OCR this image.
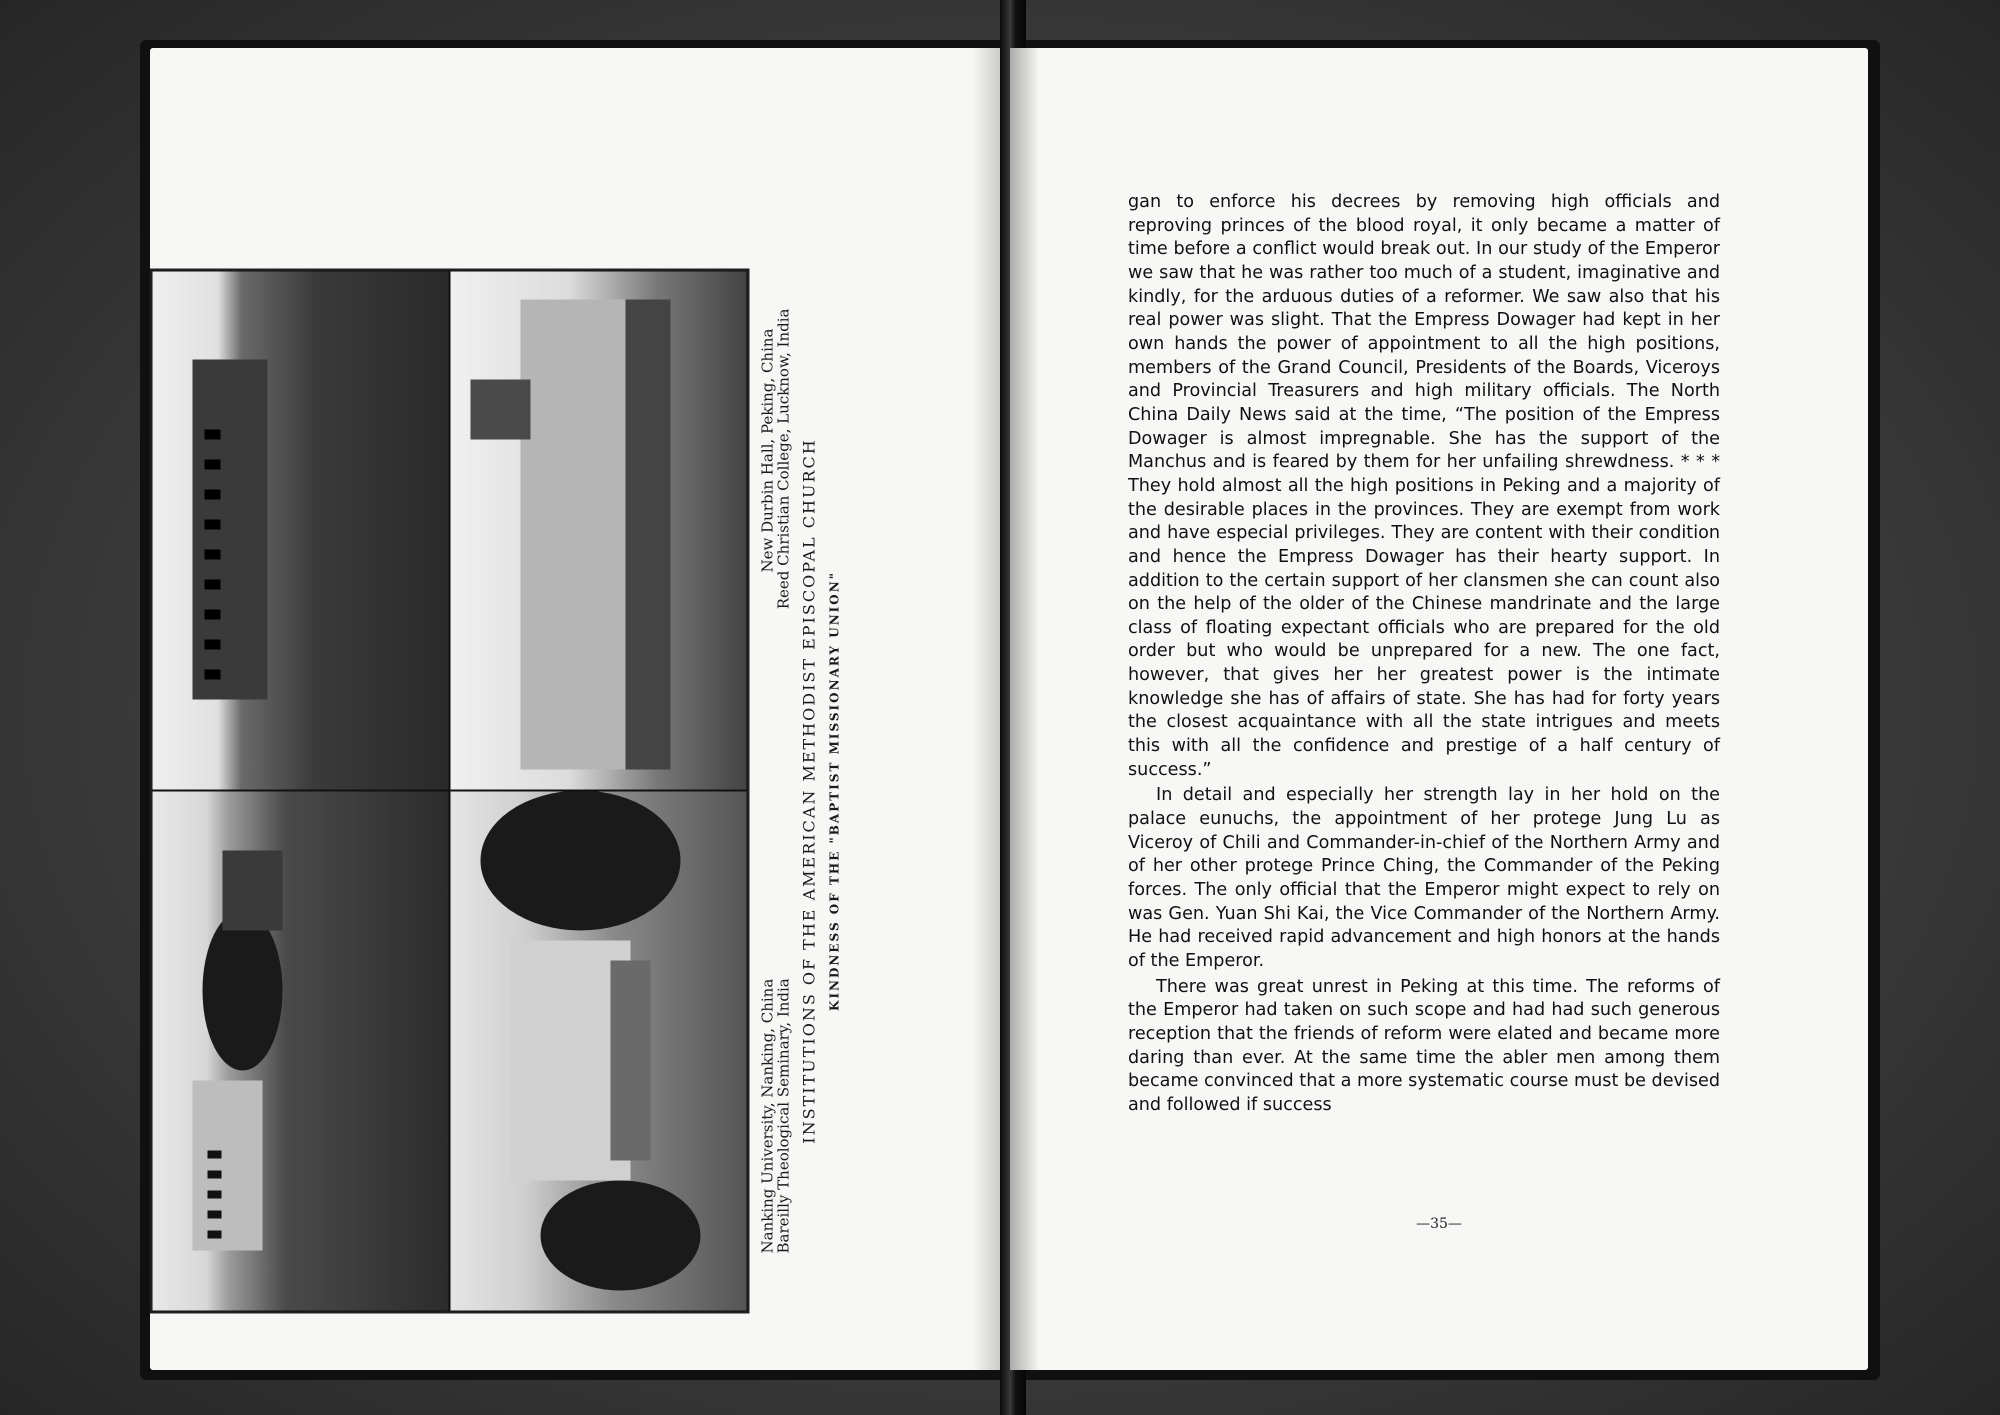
Nanking University, Nanking, China
Bareilly Theological Seminary, India
New Durbin Hall, Peking, China
Reed Christian College, Lucknow, India INSTITUTIONS OF THE AMERICAN METHODIST EPISCOPAL CHURCH KINDNESS OF THE "BAPTIST MISSIONARY UNION"

gan to enforce his decrees by removing high officials and reproving princes of the blood royal, it only became a matter of time before a conflict would break out. In our study of the Emperor we saw that he was rather too much of a student, imaginative and kindly, for the arduous duties of a reformer. We saw also that his real power was slight. That the Empress Dowager had kept in her own hands the power of appointment to all the high positions, members of the Grand Council, Presidents of the Boards, Viceroys and Provincial Treasurers and high military officials. The North China Daily News said at the time, “The position of the Empress Dowager is almost impregnable. She has the support of the Manchus and is feared by them for her unfailing shrewdness. * * * They hold almost all the high positions in Peking and a majority of the desirable places in the provinces. They are exempt from work and have especial privileges. They are content with their condition and hence the Empress Dowager has their hearty support. In addition to the certain support of her clansmen she can count also on the help of the older of the Chinese mandrinate and the large class of floating expectant officials who are prepared for the old order but who would be unprepared for a new. The one fact, however, that gives her her greatest power is the intimate knowledge she has of affairs of state. She has had for forty years the closest acquaintance with all the state intrigues and meets this with all the confidence and prestige of a half century of success.”

In detail and especially her strength lay in her hold on the palace eunuchs, the appointment of her protege Jung Lu as Viceroy of Chili and Commander-in-chief of the Northern Army and of her other protege Prince Ching, the Commander of the Peking forces. The only official that the Emperor might expect to rely on was Gen. Yuan Shi Kai, the Vice Commander of the Northern Army. He had received rapid advancement and high honors at the hands of the Emperor.

There was great unrest in Peking at this time. The reforms of the Emperor had taken on such scope and had had such generous reception that the friends of reform were elated and became more daring than ever. At the same time the abler men among them became convinced that a more systematic course must be devised and followed if success

—35—
